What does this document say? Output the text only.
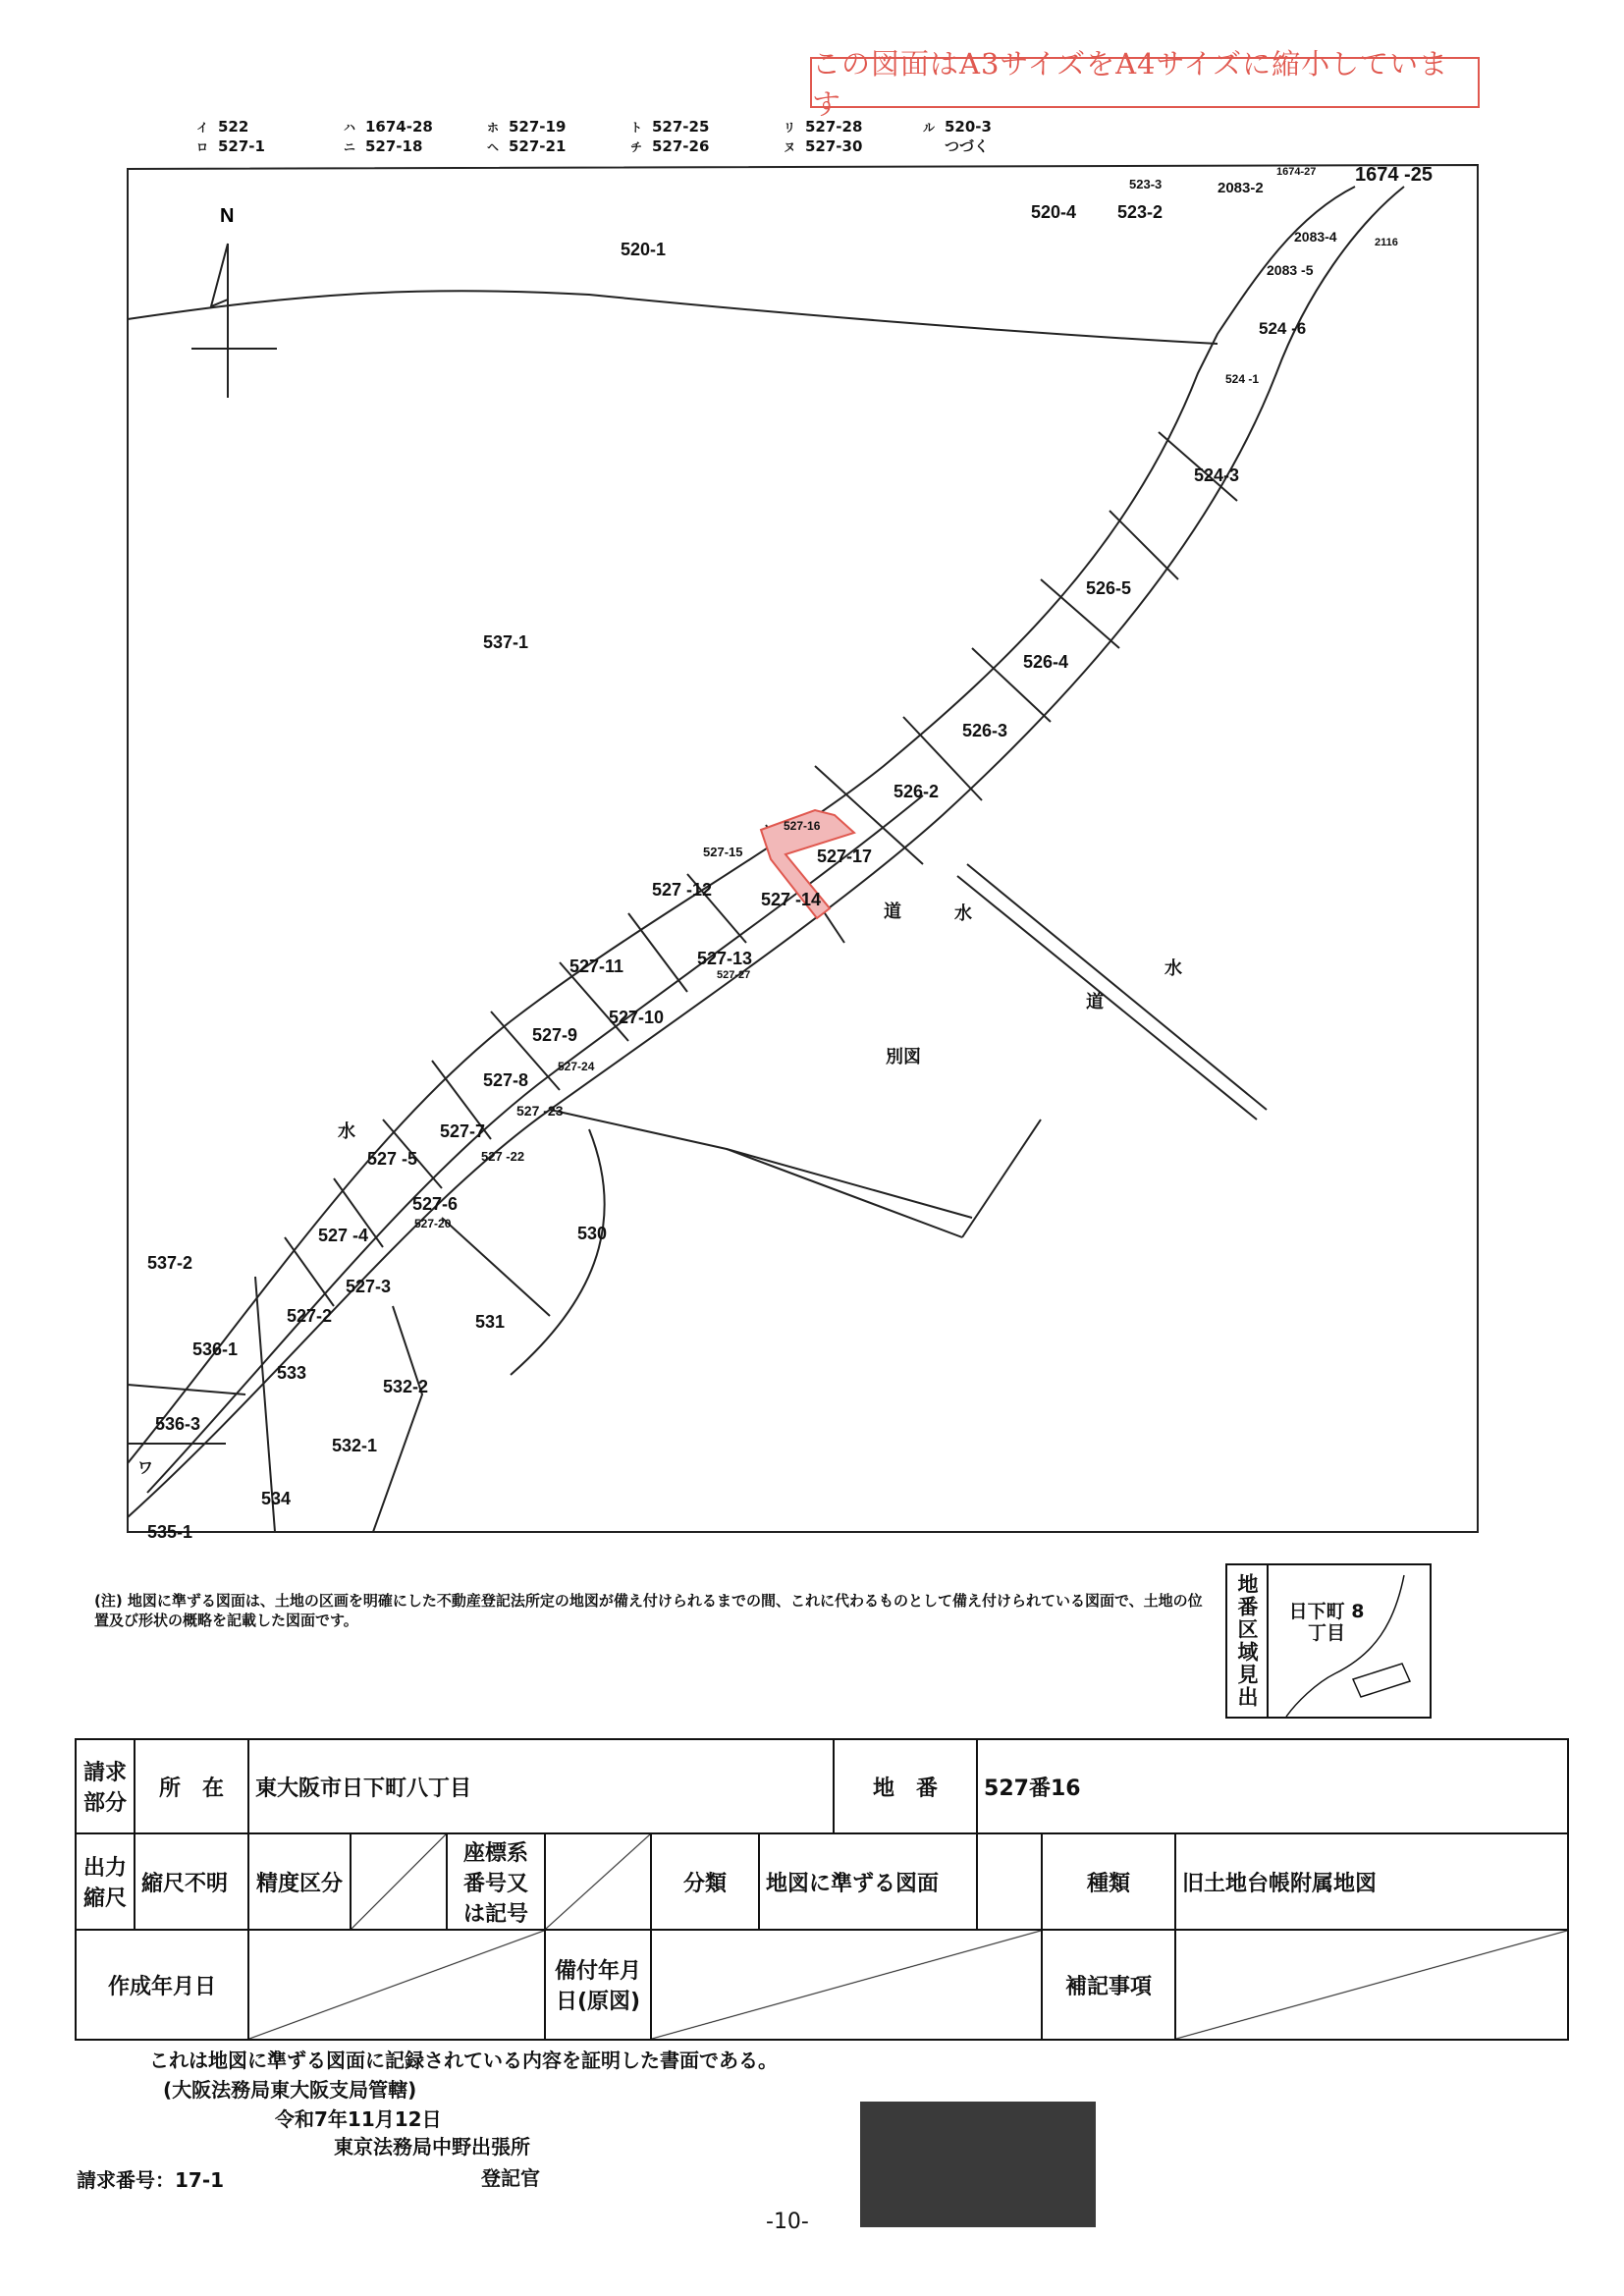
この図面はA3サイズをA4サイズに縮小しています
イ 522
ロ 527-1
ハ 1674-28
ニ 527-18
ホ 527-19
ヘ 527-21
ト 527-25
チ 527-26
リ 527-28
ヌ 527-30
ル 520-3
つづく
N
520-1
537-1
520-4 523-2
523-3
1674-27 1674 -25
2083-2
2083-4
2083 -5
2116
524 -6
524 -1
524-3
526-5
526-4
526-3
526-2
527-16
527-15	527-17
527 -12	527 -14
527-13
527-11
527-10
527-9
527-8
527-7
527 -5
527-6
527 -4
527-3
527-2
527-24
527 -23
527 -22
527-20
527-27
530
531
533
532-2
532-1
534
536-1
536-3
537-2
535-1
ワ
別図
水
水
水
道
道
(注) 地図に準ずる図面は、土地の区画を明確にした不動産登記法所定の地図が備え付けられるまでの間、これに代わるものとして備え付けられている図面で、土地の位置及び形状の概略を記載した図面です。	地番区域見出	日下町 8丁目
請求部分	所　在	東大阪市日下町八丁目						地　番	527番16		
出力縮尺	縮尺不明	精度区分		座標系番号又は記号		分類	地図に準ずる図面			種類	旧土地台帳附属地図
作成年月日					備付年月日(原図)					補記事項	
これは地図に準ずる図面に記録されている内容を証明した書面である。
(大阪法務局東大阪支局管轄)
令和7年11月12日
東京法務局中野出張所
登記官
請求番号：17-1
-10-
